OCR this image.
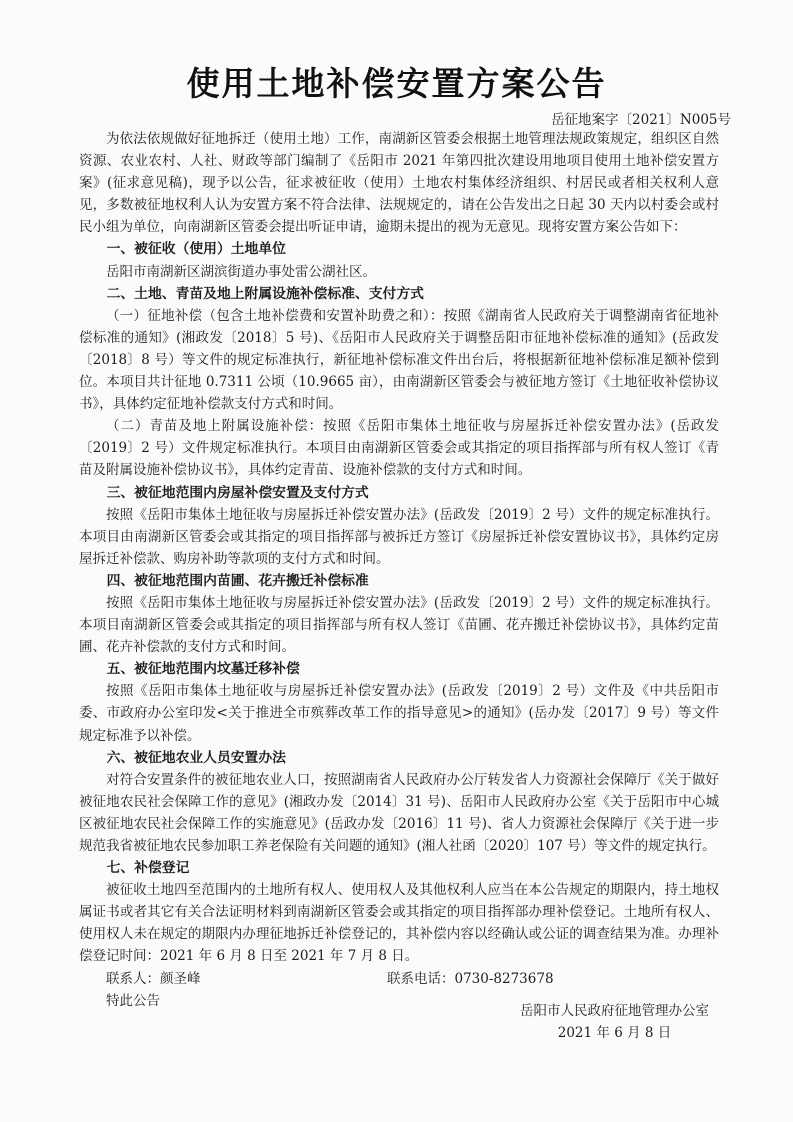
使用土地补偿安置方案公告
岳征地案字〔2021〕N005号

为依法依规做好征地拆迁（使用土地）工作，南湖新区管委会根据土地管理法规政策规定，组织区自然资源、农业农村、人社、财政等部门编制了《岳阳市 2021 年第四批次建设用地项目使用土地补偿安置方案》(征求意见稿)，现予以公告，征求被征收（使用）土地农村集体经济组织、村居民或者相关权利人意见，多数被征地权利人认为安置方案不符合法律、法规规定的，请在公告发出之日起 30 天内以村委会或村民小组为单位，向南湖新区管委会提出听证申请，逾期未提出的视为无意见。现将安置方案公告如下：

一、被征收（使用）土地单位

岳阳市南湖新区湖滨街道办事处雷公湖社区。

二、土地、青苗及地上附属设施补偿标准、支付方式

（一）征地补偿（包含土地补偿费和安置补助费之和）：按照《湖南省人民政府关于调整湖南省征地补偿标准的通知》(湘政发〔2018〕5 号)、《岳阳市人民政府关于调整岳阳市征地补偿标准的通知》(岳政发〔2018〕8 号）等文件的规定标准执行，新征地补偿标准文件出台后，将根据新征地补偿标准足额补偿到位。本项目共计征地 0.7311 公顷（10.9665 亩），由南湖新区管委会与被征地方签订《土地征收补偿协议书》，具体约定征地补偿款支付方式和时间。

（二）青苗及地上附属设施补偿：按照《岳阳市集体土地征收与房屋拆迁补偿安置办法》(岳政发〔2019〕2 号）文件规定标准执行。本项目由南湖新区管委会或其指定的项目指挥部与所有权人签订《青苗及附属设施补偿协议书》，具体约定青苗、设施补偿款的支付方式和时间。

三、被征地范围内房屋补偿安置及支付方式

按照《岳阳市集体土地征收与房屋拆迁补偿安置办法》(岳政发〔2019〕2 号）文件的规定标准执行。本项目由南湖新区管委会或其指定的项目指挥部与被拆迁方签订《房屋拆迁补偿安置协议书》，具体约定房屋拆迁补偿款、购房补助等款项的支付方式和时间。

四、被征地范围内苗圃、花卉搬迁补偿标准

按照《岳阳市集体土地征收与房屋拆迁补偿安置办法》(岳政发〔2019〕2 号）文件的规定标准执行。本项目南湖新区管委会或其指定的项目指挥部与所有权人签订《苗圃、花卉搬迁补偿协议书》，具体约定苗圃、花卉补偿款的支付方式和时间。

五、被征地范围内坟墓迁移补偿

按照《岳阳市集体土地征收与房屋拆迁补偿安置办法》(岳政发〔2019〕2 号）文件及《中共岳阳市委、市政府办公室印发<关于推进全市殡葬改革工作的指导意见>的通知》(岳办发〔2017〕9 号）等文件规定标准予以补偿。

六、被征地农业人员安置办法

对符合安置条件的被征地农业人口，按照湖南省人民政府办公厅转发省人力资源社会保障厅《关于做好被征地农民社会保障工作的意见》(湘政办发〔2014〕31 号)、岳阳市人民政府办公室《关于岳阳市中心城区被征地农民社会保障工作的实施意见》(岳政办发〔2016〕11 号)、省人力资源社会保障厅《关于进一步规范我省被征地农民参加职工养老保险有关问题的通知》(湘人社函〔2020〕107 号）等文件的规定执行。

七、补偿登记

被征收土地四至范围内的土地所有权人、使用权人及其他权利人应当在本公告规定的期限内，持土地权属证书或者其它有关合法证明材料到南湖新区管委会或其指定的项目指挥部办理补偿登记。土地所有权人、使用权人未在规定的期限内办理征地拆迁补偿登记的，其补偿内容以经确认或公证的调查结果为准。办理补偿登记时间：2021 年 6 月 8 日至 2021 年 7 月 8 日。

联系人：颜圣峰	联系电话：0730-8273678
特此公告
岳阳市人民政府征地管理办公室
2021 年 6 月 8 日
